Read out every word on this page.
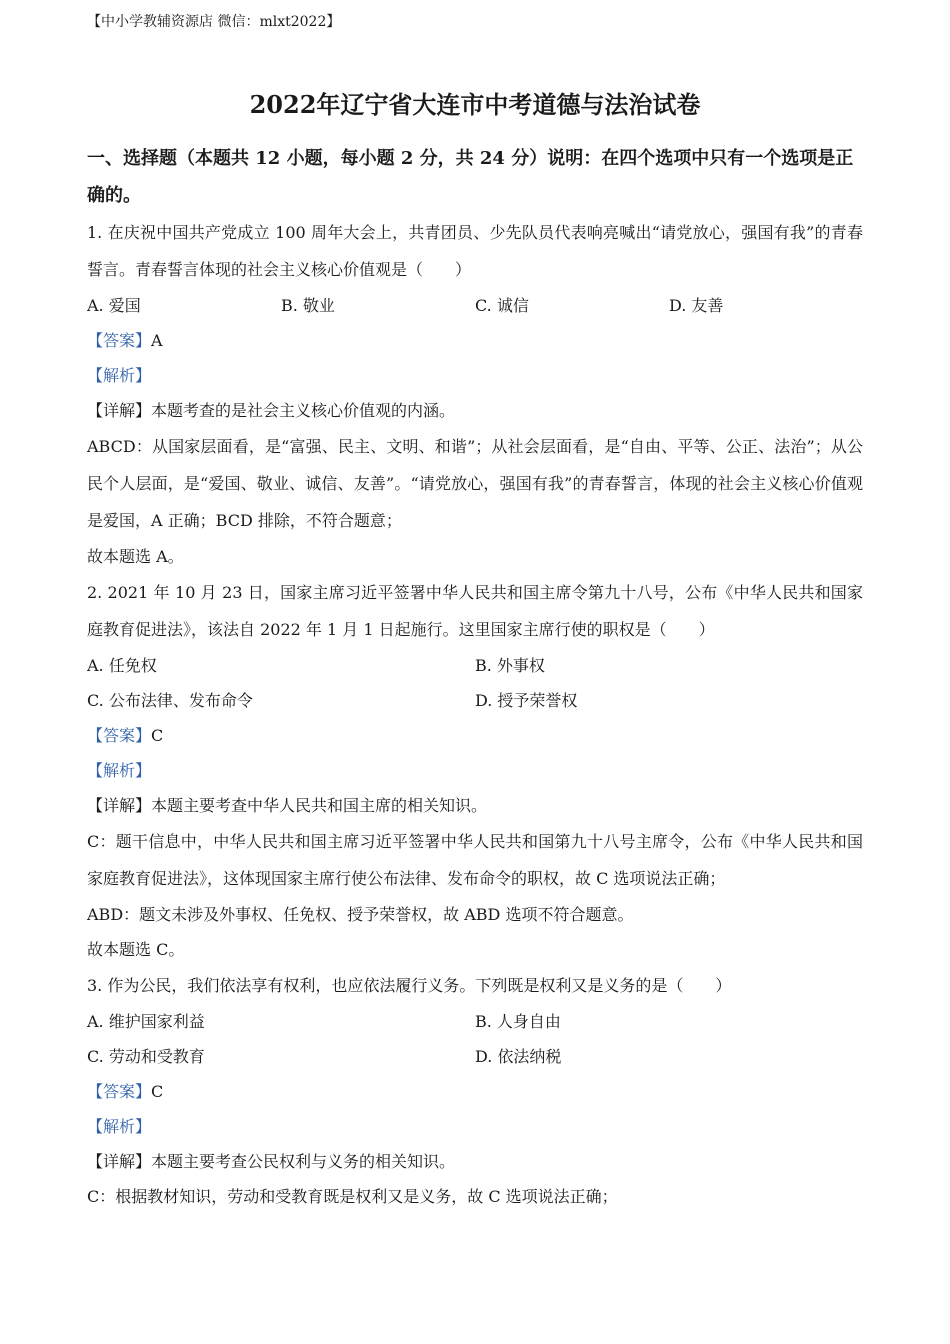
【中小学教辅资源店 微信：mlxt2022】
2022年辽宁省大连市中考道德与法治试卷

一、选择题（本题共 12 小题，每小题 2 分，共 24 分）说明：在四个选项中只有一个选项是正确的。

1. 在庆祝中国共产党成立 100 周年大会上，共青团员、少先队员代表响亮喊出“请党放心，强国有我”的青春誓言。青春誓言体现的社会主义核心价值观是（　　）

A. 爱国	B. 敬业	C. 诚信	D. 友善
【答案】A
【解析】
【详解】本题考查的是社会主义核心价值观的内涵。

ABCD：从国家层面看，是“富强、民主、文明、和谐”；从社会层面看，是“自由、平等、公正、法治”；从公民个人层面，是“爱国、敬业、诚信、友善”。“请党放心，强国有我”的青春誓言，体现的社会主义核心价值观是爱国，A 正确；BCD 排除，不符合题意；

故本题选 A。

2. 2021 年 10 月 23 日，国家主席习近平签署中华人民共和国主席令第九十八号，公布《中华人民共和国家庭教育促进法》，该法自 2022 年 1 月 1 日起施行。这里国家主席行使的职权是（　　）

A. 任免权	B. 外事权
C. 公布法律、发布命令	D. 授予荣誉权
【答案】C
【解析】
【详解】本题主要考查中华人民共和国主席的相关知识。

C：题干信息中，中华人民共和国主席习近平签署中华人民共和国第九十八号主席令，公布《中华人民共和国家庭教育促进法》，这体现国家主席行使公布法律、发布命令的职权，故 C 选项说法正确；

ABD：题文未涉及外事权、任免权、授予荣誉权，故 ABD 选项不符合题意。
故本题选 C。

3. 作为公民，我们依法享有权利，也应依法履行义务。下列既是权利又是义务的是（　　）

A. 维护国家利益	B. 人身自由
C. 劳动和受教育	D. 依法纳税
【答案】C
【解析】
【详解】本题主要考查公民权利与义务的相关知识。
C：根据教材知识，劳动和受教育既是权利又是义务，故 C 选项说法正确；
